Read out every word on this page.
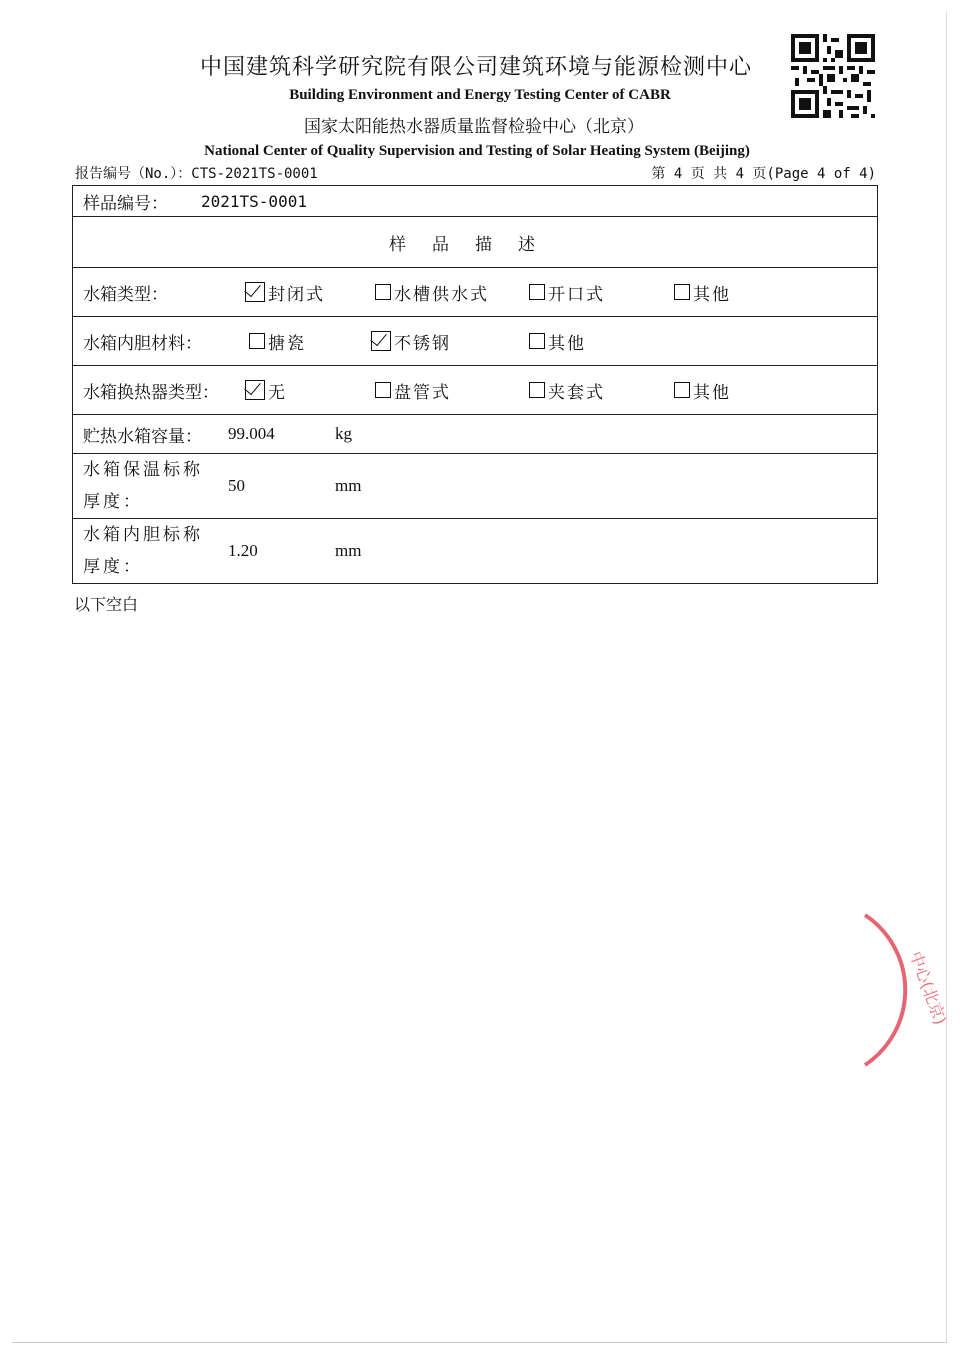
中国建筑科学研究院有限公司建筑环境与能源检测中心
Building Environment and Energy Testing Center of CABR
国家太阳能热水器质量监督检验中心（北京）
National Center of Quality Supervision and Testing of Solar Heating System (Beijing)
报告编号（No.）：CTS-2021TS-0001	第 4 页 共 4 页(Page 4 of 4)
样品编号： 2021TS-0001

样品描述

水箱类型：	封闭式	水槽供水式	开口式	其他

水箱内胆材料：	搪瓷	不锈钢	其他

水箱换热器类型：	无	盘管式	夹套式	其他

贮热水箱容量： 99.004	kg

水箱保温标称
厚度：
50	mm

水箱内胆标称
厚度：
1.20	mm
以下空白
中心(北京)
